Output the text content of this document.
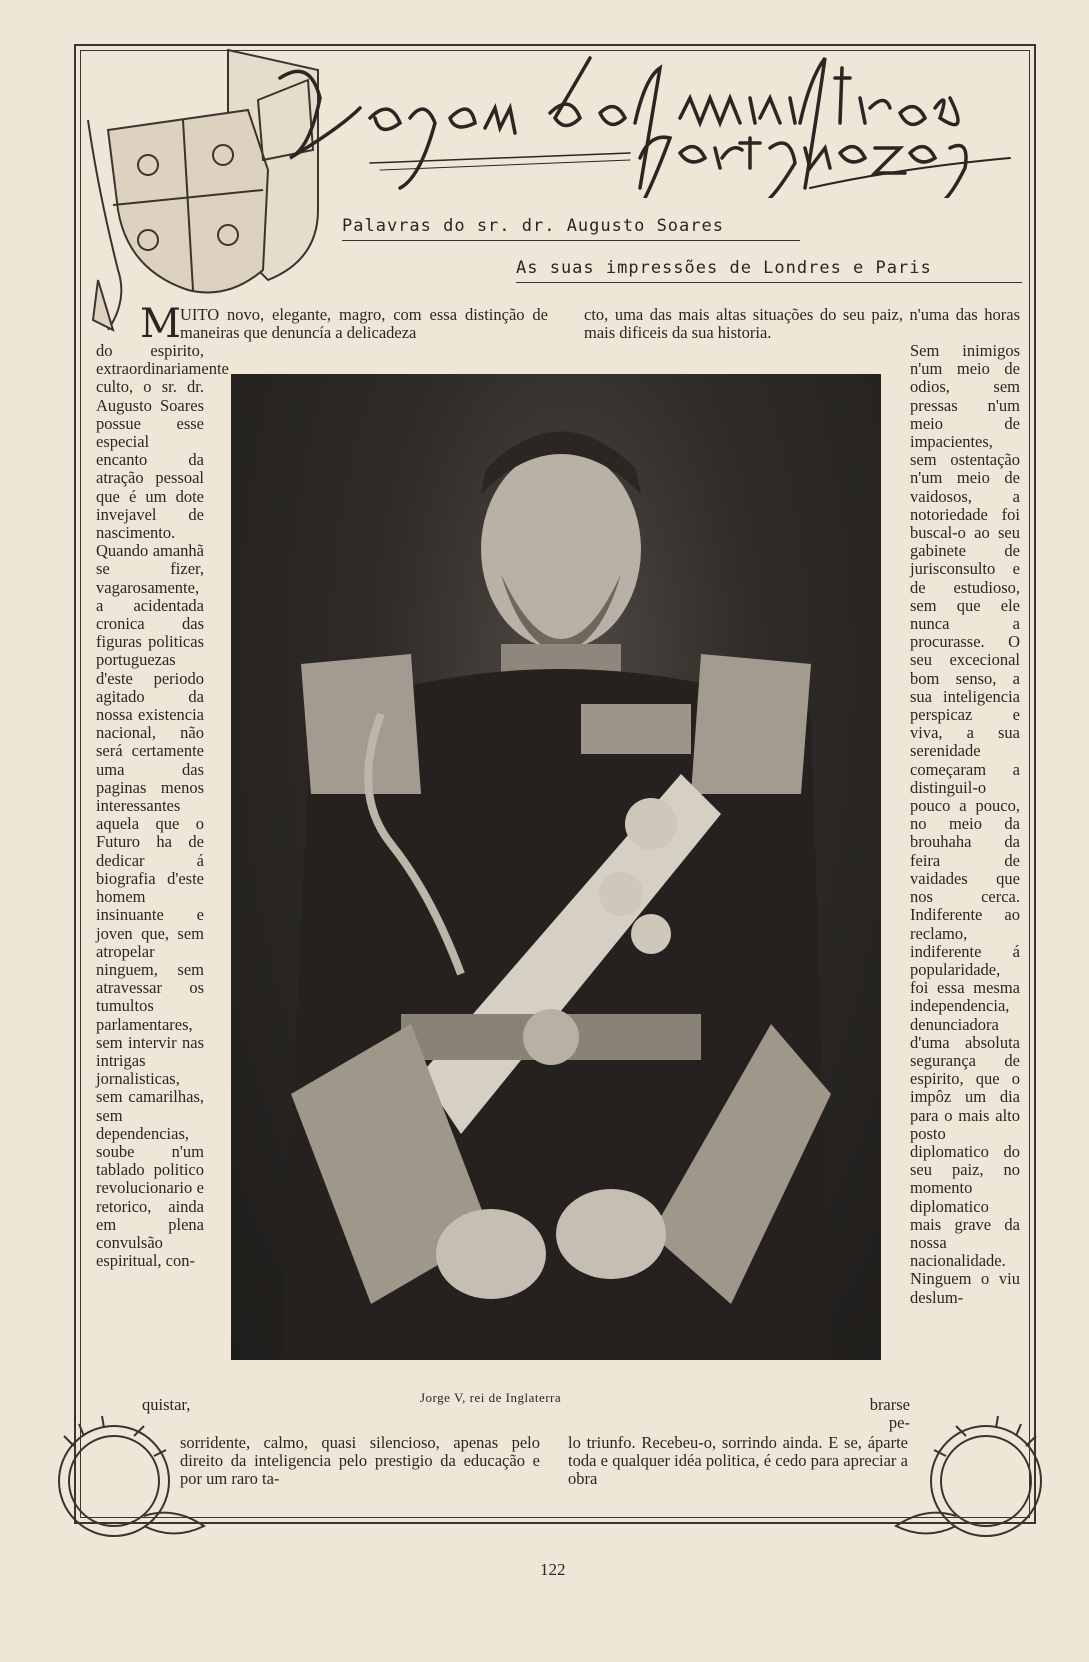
Palavras do sr. dr. Augusto Soares
As suas impressões de Londres e Paris
M UITO novo, elegante, magro, com essa distinção de maneiras que denuncía a delicadeza
cto, uma das mais altas situações do seu paiz, n'uma das horas mais dificeis da sua historia.
do espirito, extraordinariamente culto, o sr. dr. Augusto Soares possue esse especial encanto da atração pessoal que é um dote invejavel de nascimento. Quando amanhã se fizer, vagarosamente, a acidentada cronica das figuras politicas portuguezas d'este periodo agitado da nossa existencia nacional, não será certamente uma das paginas menos interessantes aquela que o Futuro ha de dedicar á biografia d'este homem insinuante e joven que, sem atropelar ninguem, sem atravessar os tumultos parlamentares, sem intervir nas intrigas jornalisticas, sem camarilhas, sem dependencias, soube n'um tablado politico revolucionario e retorico, ainda em plena convulsão espiritual, con-
Sem inimigos n'um meio de odios, sem pressas n'um meio de impacientes, sem ostentação n'um meio de vaidosos, a notoriedade foi buscal-o ao seu gabinete de jurisconsulto e de estudioso, sem que ele nunca a procurasse. O seu excecional bom senso, a sua inteligencia perspicaz e viva, a sua serenidade começaram a distinguil-o pouco a pouco, no meio da brouhaha da feira de vaidades que nos cerca. Indiferente ao reclamo, indiferente á popularidade, foi essa mesma independencia, denunciadora d'uma absoluta segurança de espirito, que o impôz um dia para o mais alto posto diplomatico do seu paiz, no momento diplomatico mais grave da nossa nacionalidade. Ninguem o viu deslum-
Jorge V, rei de Inglaterra
quistar,	brarse pe-
sorridente, calmo, quasi silencioso, apenas pelo direito da inteligencia pelo prestigio da educação e por um raro ta-
lo triunfo. Recebeu-o, sorrindo ainda. E se, áparte toda e qualquer idéa politica, é cedo para apreciar a obra
122
